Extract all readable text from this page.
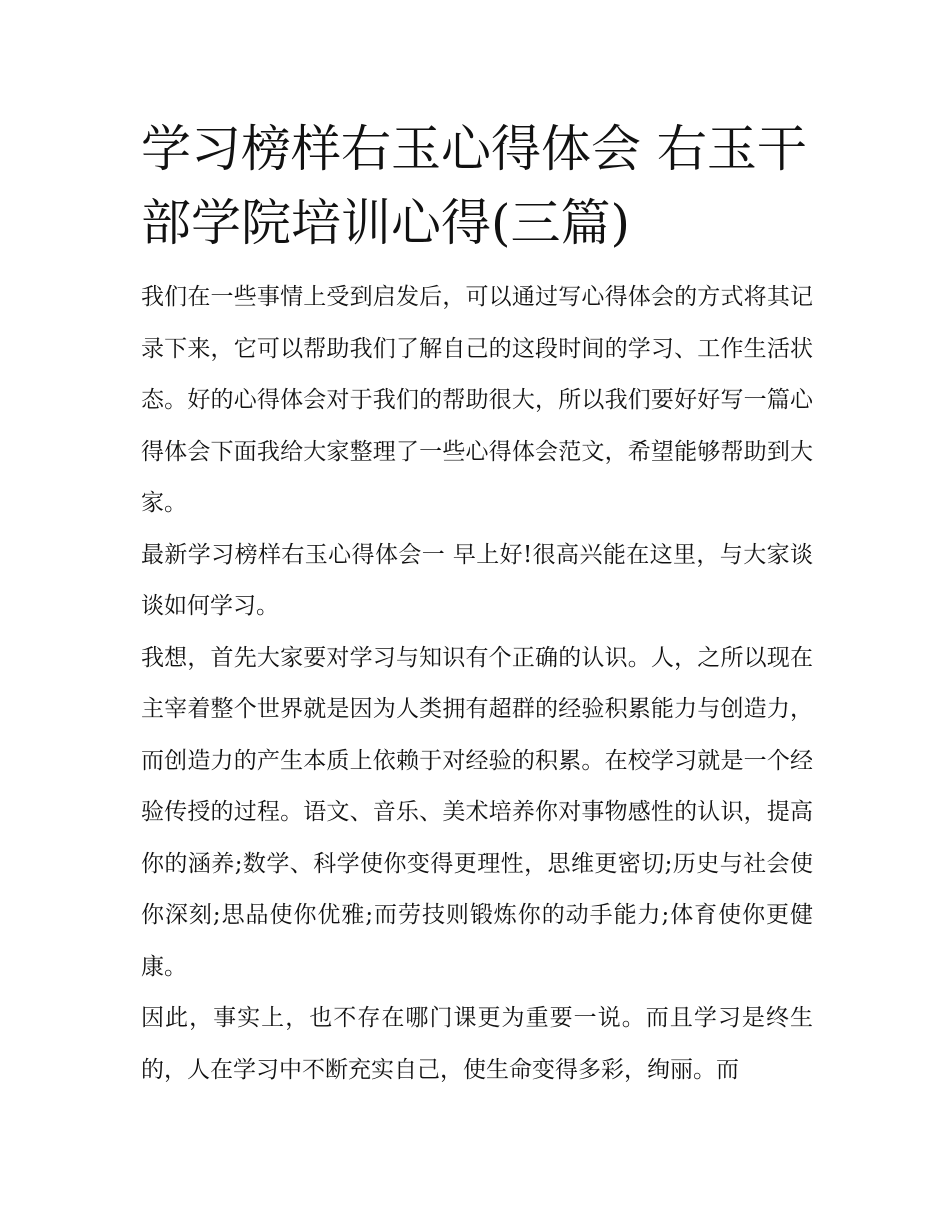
学习榜样右玉心得体会 右玉干部学院培训心得(三篇)

我们在一些事情上受到启发后，可以通过写心得体会的方式将其记录下来，它可以帮助我们了解自己的这段时间的学习、工作生活状态。好的心得体会对于我们的帮助很大，所以我们要好好写一篇心得体会下面我给大家整理了一些心得体会范文，希望能够帮助到大家。

最新学习榜样右玉心得体会一 早上好!很高兴能在这里，与大家谈谈如何学习。

我想，首先大家要对学习与知识有个正确的认识。人，之所以现在主宰着整个世界就是因为人类拥有超群的经验积累能力与创造力，而创造力的产生本质上依赖于对经验的积累。在校学习就是一个经验传授的过程。语文、音乐、美术培养你对事物感性的认识，提高你的涵养;数学、科学使你变得更理性，思维更密切;历史与社会使你深刻;思品使你优雅;而劳技则锻炼你的动手能力;体育使你更健康。

因此，事实上，也不存在哪门课更为重要一说。而且学习是终生的，人在学习中不断充实自己，使生命变得多彩，绚丽。而
